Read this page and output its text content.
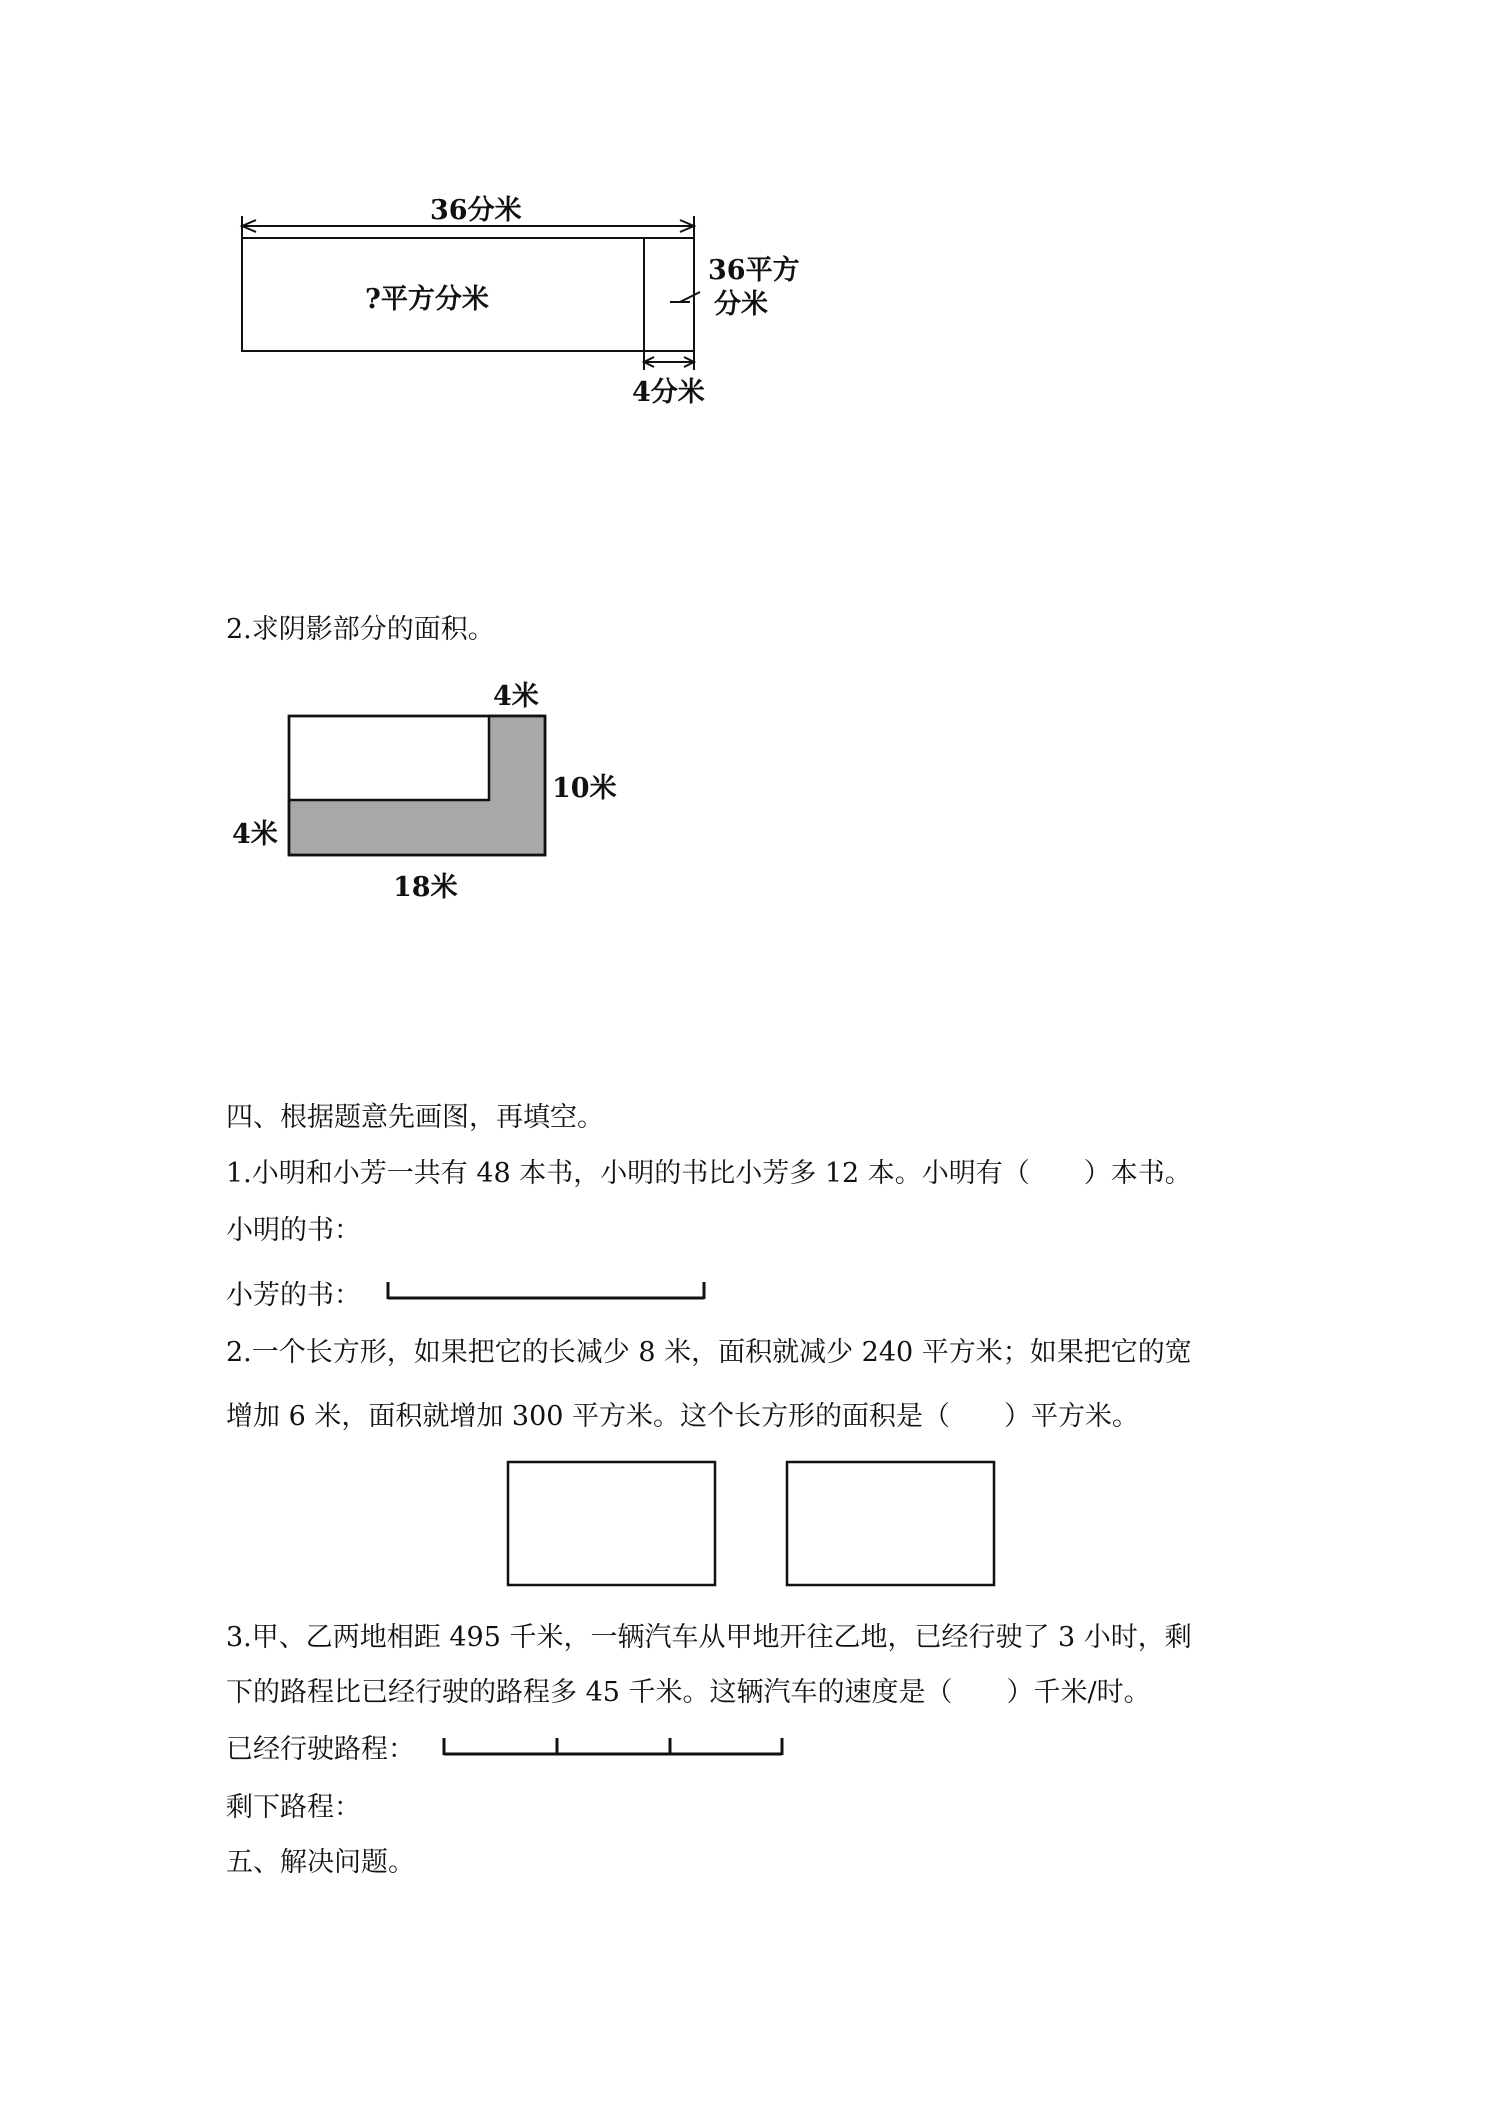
36分米
?平方分米
36平方
分米
4分米
2.求阴影部分的面积。
4米
10米
4米
18米
四、根据题意先画图，再填空。
1.小明和小芳一共有 48 本书，小明的书比小芳多 12 本。小明有（　　）本书。
小明的书：
小芳的书：
2.一个长方形，如果把它的长减少 8 米，面积就减少 240 平方米；如果把它的宽
增加 6 米，面积就增加 300 平方米。这个长方形的面积是（　　）平方米。
3.甲、乙两地相距 495 千米，一辆汽车从甲地开往乙地，已经行驶了 3 小时，剩
下的路程比已经行驶的路程多 45 千米。这辆汽车的速度是（　　）千米/时。
已经行驶路程：
剩下路程：
五、解决问题。
